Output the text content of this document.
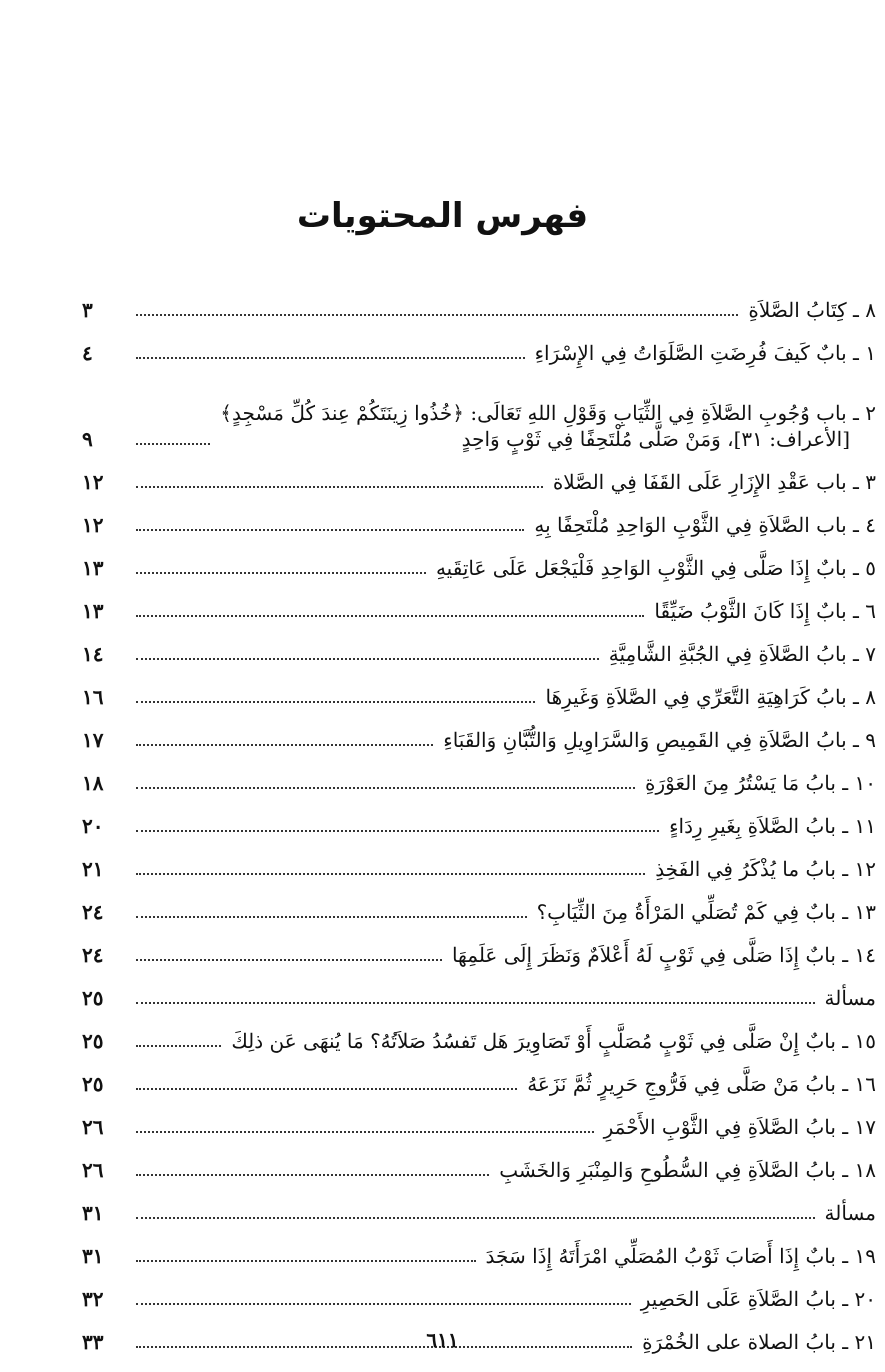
فهرس المحتويات
٨ ـ كِتَابُ الصَّلاَةِ
٣
١ ـ بابٌ كَيفَ فُرِضَتِ الصَّلَوَاتُ فِي الإِسْرَاءِ
٤
٢ ـ باب وُجُوبِ الصَّلاَةِ فِي الثِّيَابِ وَقَوْلِ اللهِ تَعَالَى: ﴿خُذُوا زِينَتَكُمْ عِندَ كُلِّ مَسْجِدٍ﴾
[الأعراف: ٣١]، وَمَنْ صَلَّى مُلْتَحِفًا فِي ثَوْبٍ وَاحِدٍ
٩
٣ ـ باب عَقْدِ الإِزَارِ عَلَى القَفَا فِي الصَّلاة
١٢
٤ ـ باب الصَّلاَةِ فِي الثَّوْبِ الوَاحِدِ مُلْتَحِفًا بِهِ
١٢
٥ ـ بابٌ إِذَا صَلَّى فِي الثَّوْبِ الوَاحِدِ فَلْيَجْعَل عَلَى عَاتِقَيهِ
١٣
٦ ـ بابٌ إِذَا كَانَ الثَّوْبُ ضَيِّقًا
١٣
٧ ـ بابُ الصَّلاَةِ فِي الجُبَّةِ الشَّامِيَّةِ
١٤
٨ ـ بابُ كَرَاهِيَةِ التَّعَرِّي فِي الصَّلاَةِ وَغَيرِهَا
١٦
٩ ـ بابُ الصَّلاَةِ فِي القَمِيصِ وَالسَّرَاوِيلِ وَالتُّبَّانِ وَالقَبَاءِ
١٧
١٠ ـ بابُ مَا يَسْتُرُ مِنَ العَوْرَةِ
١٨
١١ ـ بابُ الصَّلاَةِ بِغَيرِ رِدَاءٍ
٢٠
١٢ ـ بابُ ما يُذْكَرُ فِي الفَخِذِ
٢١
١٣ ـ بابٌ فِي كَمْ تُصَلِّي المَرْأَةُ مِنَ الثِّيَابِ؟
٢٤
١٤ ـ بابٌ إِذَا صَلَّى فِي ثَوْبٍ لَهُ أَعْلاَمٌ وَنَظَرَ إِلَى عَلَمِهَا
٢٤
مسألة
٢٥
١٥ ـ بابٌ إِنْ صَلَّى فِي ثَوْبٍ مُصَلَّبٍ أَوْ تَصَاوِيرَ هَل تَفسُدُ صَلاَتُهُ؟ مَا يُنهَى عَن ذلِكَ
٢٥
١٦ ـ بابُ مَنْ صَلَّى فِي فَرُّوجِ حَرِيرٍ ثُمَّ نَزَعَهُ
٢٥
١٧ ـ بابُ الصَّلاَةِ فِي الثَّوْبِ الأَحْمَرِ
٢٦
١٨ ـ بابُ الصَّلاَةِ فِي السُّطُوحِ وَالمِنْبَرِ وَالخَشَبِ
٢٦
مسألة
٣١
١٩ ـ بابٌ إِذَا أَصَابَ ثَوْبُ المُصَلِّي امْرَأَتَهُ إِذَا سَجَدَ
٣١
٢٠ ـ بابُ الصَّلاَةِ عَلَى الحَصِيرِ
٣٢
٢١ ـ بابُ الصلاة على الخُمْرَةِ
٣٣	٦١١
